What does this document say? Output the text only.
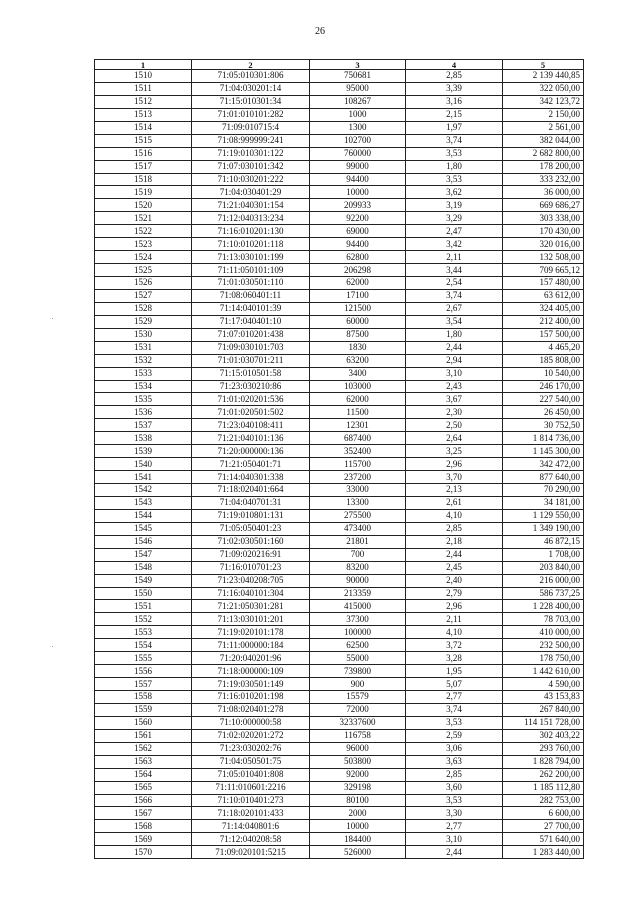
26
1	2	3	4	5
1510	71:05:010301:806	750681	2,85	2 139 440,85
1511	71:04:030201:14	95000	3,39	322 050,00
1512	71:15:010301:34	108267	3,16	342 123,72
1513	71:01:010101:282	1000	2,15	2 150,00
1514	71:09:010715:4	1300	1,97	2 561,00
1515	71:08:999999:241	102700	3,74	382 044,00
1516	71:19:010301:122	760000	3,53	2 682 800,00
1517	71:07:030101:342	99000	1,80	178 200,00
1518	71:10:030201:222	94400	3,53	333 232,00
1519	71:04:030401:29	10000	3,62	36 000,00
1520	71:21:040301:154	209933	3,19	669 686,27
1521	71:12:040313:234	92200	3,29	303 338,00
1522	71:16:010201:130	69000	2,47	170 430,00
1523	71:10:010201:118	94400	3,42	320 016,00
1524	71:13:030101:199	62800	2,11	132 508,00
1525	71:11:050101:109	206298	3,44	709 665,12
1526	71:01:030501:110	62000	2,54	157 480,00
1527	71:08:060401:11	17100	3,74	63 612,00
1528	71:14:040101:39	121500	2,67	324 405,00
1529	71:17:040401:10	60000	3,54	212 400,00
1530	71:07:010201:438	87500	1,80	157 500,00
1531	71:09:030101:703	1830	2,44	4 465,20
1532	71:01:030701:211	63200	2,94	185 808,00
1533	71:15:010501:58	3400	3,10	10 540,00
1534	71:23:030210:86	103000	2,43	246 170,00
1535	71:01:020201:536	62000	3,67	227 540,00
1536	71:01:020501:502	11500	2,30	26 450,00
1537	71:23:040108:411	12301	2,50	30 752,50
1538	71:21:040101:136	687400	2,64	1 814 736,00
1539	71:20:000000:136	352400	3,25	1 145 300,00
1540	71:21:050401:71	115700	2,96	342 472,00
1541	71:14:040301:338	237200	3,70	877 640,00
1542	71:18:020401:664	33000	2,13	70 290,00
1543	71:04:040701:31	13300	2,61	34 181,00
1544	71:19:010801:131	275500	4,10	1 129 550,00
1545	71:05:050401:23	473400	2,85	1 349 190,00
1546	71:02:030501:160	21801	2,18	46 872,15
1547	71:09:020216:91	700	2,44	1 708,00
1548	71:16:010701:23	83200	2,45	203 840,00
1549	71:23:040208:705	90000	2,40	216 000,00
1550	71:16:040101:304	213359	2,79	586 737,25
1551	71:21:050301:281	415000	2,96	1 228 400,00
1552	71:13:030101:201	37300	2,11	78 703,00
1553	71:19:020101:178	100000	4,10	410 000,00
1554	71:11:000000:184	62500	3,72	232 500,00
1555	71:20:040201:96	55000	3,28	178 750,00
1556	71:18:000000:109	739800	1,95	1 442 610,00
1557	71:19:030501:149	900	5,07	4 590,00
1558	71:16:010201:198	15579	2,77	43 153,83
1559	71:08:020401:278	72000	3,74	267 840,00
1560	71:10:000000:58	32337600	3,53	114 151 728,00
1561	71:02:020201:272	116758	2,59	302 403,22
1562	71:23:030202:76	96000	3,06	293 760,00
1563	71:04:050501:75	503800	3,63	1 828 794,00
1564	71:05:010401:808	92000	2,85	262 200,00
1565	71:11:010601:2216	329198	3,60	1 185 112,80
1566	71:10:010401:273	80100	3,53	282 753,00
1567	71:18:020101:433	2000	3,30	6 600,00
1568	71:14:040801:6	10000	2,77	27 700,00
1569	71:12:040208:58	184400	3,10	571 640,00
1570	71:09:020101:5215	526000	2,44	1 283 440,00
